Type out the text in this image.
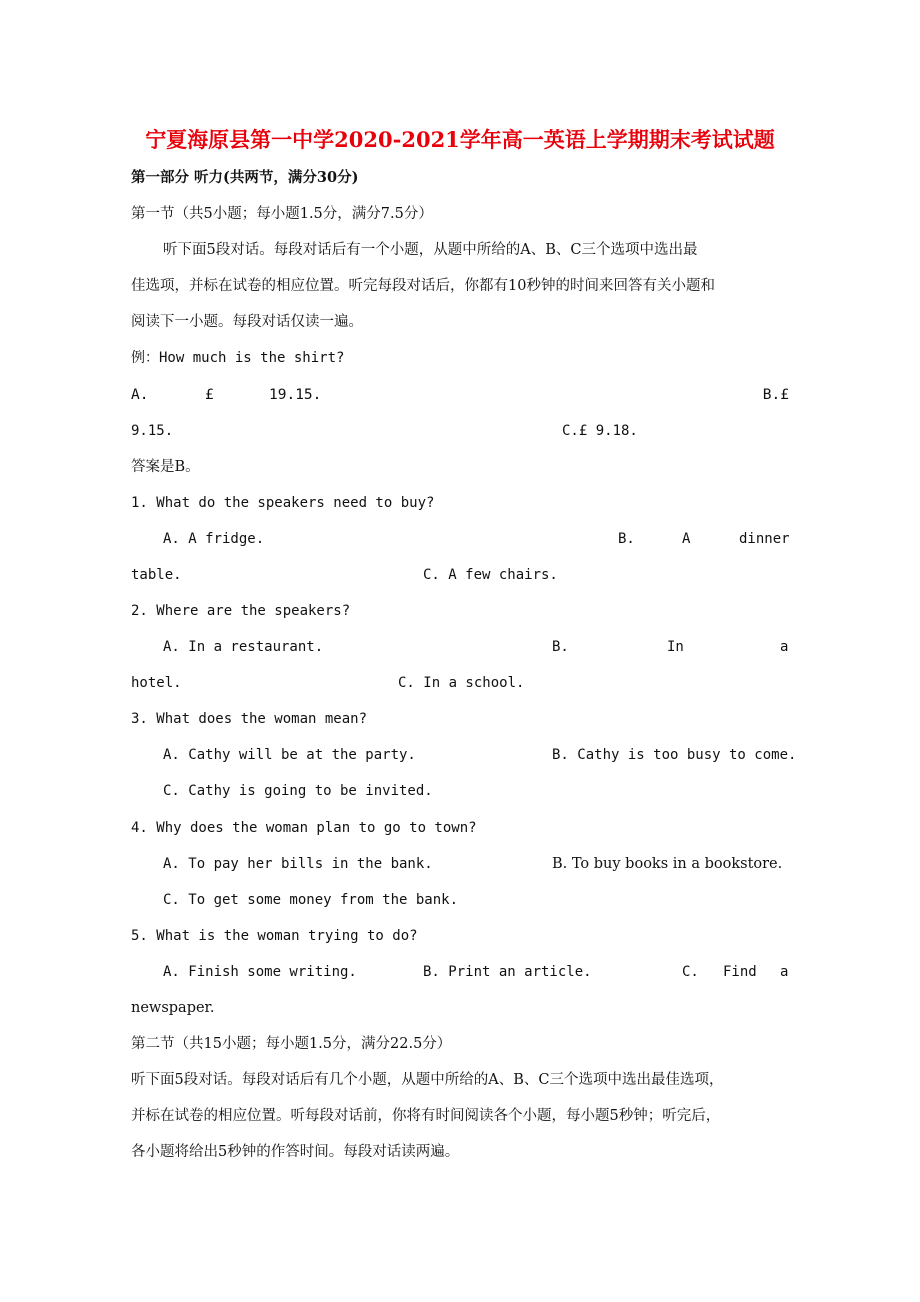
宁夏海原县第一中学2020-2021学年高一英语上学期期末考试试题
第一部分 听力(共两节，满分30分)
第一节（共5小题；每小题1.5分，满分7.5分）
听下面5段对话。每段对话后有一个小题，从题中所给的A、B、C三个选项中选出最
佳选项，并标在试卷的相应位置。听完每段对话后，你都有10秒钟的时间来回答有关小题和
阅读下一小题。每段对话仅读一遍。
例：How much is the shirt?
A.	£	19.15.	B.£
9.15.	C.£ 9.18.
答案是B。
1. What do the speakers need to buy?
A. A fridge.	B.	A	dinner
table.	C. A few chairs.
2. Where are the speakers?
A. In a restaurant.	B.	In	a
hotel.	C. In a school.
3. What does the woman mean?
A. Cathy will be at the party.	B. Cathy is too busy to come.
C. Cathy is going to be invited.
4. Why does the woman plan to go to town?
A. To pay her bills in the bank.	B. To buy books in a bookstore.
C. To get some money from the bank.
5. What is the woman trying to do?
A. Finish some writing.	B. Print an article.	C. Find a
newspaper.
第二节（共15小题；每小题1.5分，满分22.5分）
听下面5段对话。每段对话后有几个小题，从题中所给的A、B、C三个选项中选出最佳选项，
并标在试卷的相应位置。听每段对话前，你将有时间阅读各个小题，每小题5秒钟；听完后，
各小题将给出5秒钟的作答时间。每段对话读两遍。
